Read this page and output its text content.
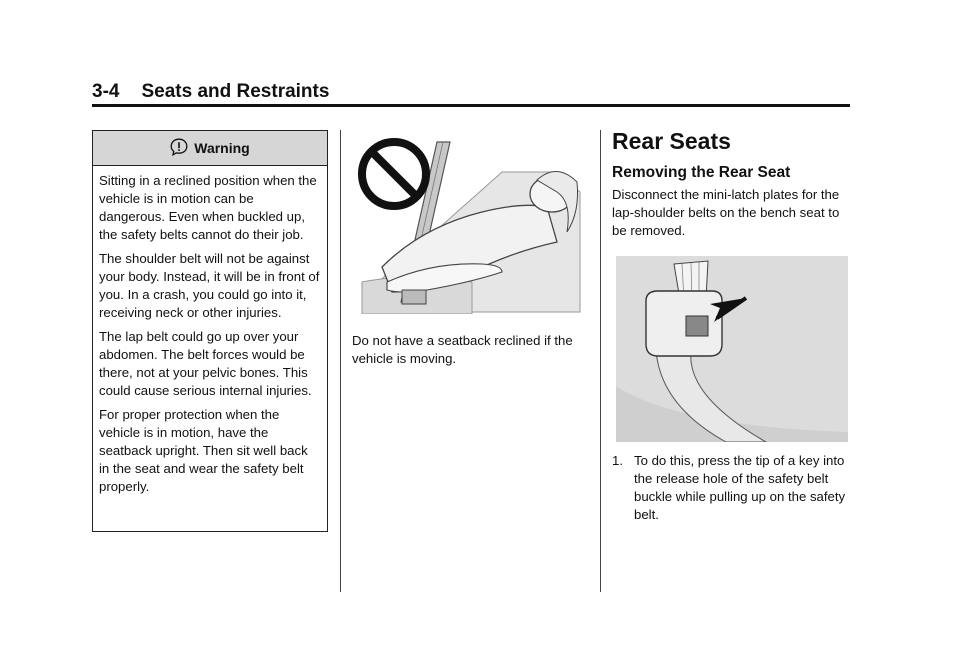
3-4 Seats and Restraints
Warning

Sitting in a reclined position when the vehicle is in motion can be dangerous. Even when buckled up, the safety belts cannot do their job.

The shoulder belt will not be against your body. Instead, it will be in front of you. In a crash, you could go into it, receiving neck or other injuries.

The lap belt could go up over your abdomen. The belt forces would be there, not at your pelvic bones. This could cause serious internal injuries.

For proper protection when the vehicle is in motion, have the seatback upright. Then sit well back in the seat and wear the safety belt properly.

Do not have a seatback reclined if the vehicle is moving.
Rear Seats
Removing the Rear Seat
Disconnect the mini-latch plates for the lap-shoulder belts on the bench seat to be removed.
1. To do this, press the tip of a key into the release hole of the safety belt buckle while pulling up on the safety belt.
